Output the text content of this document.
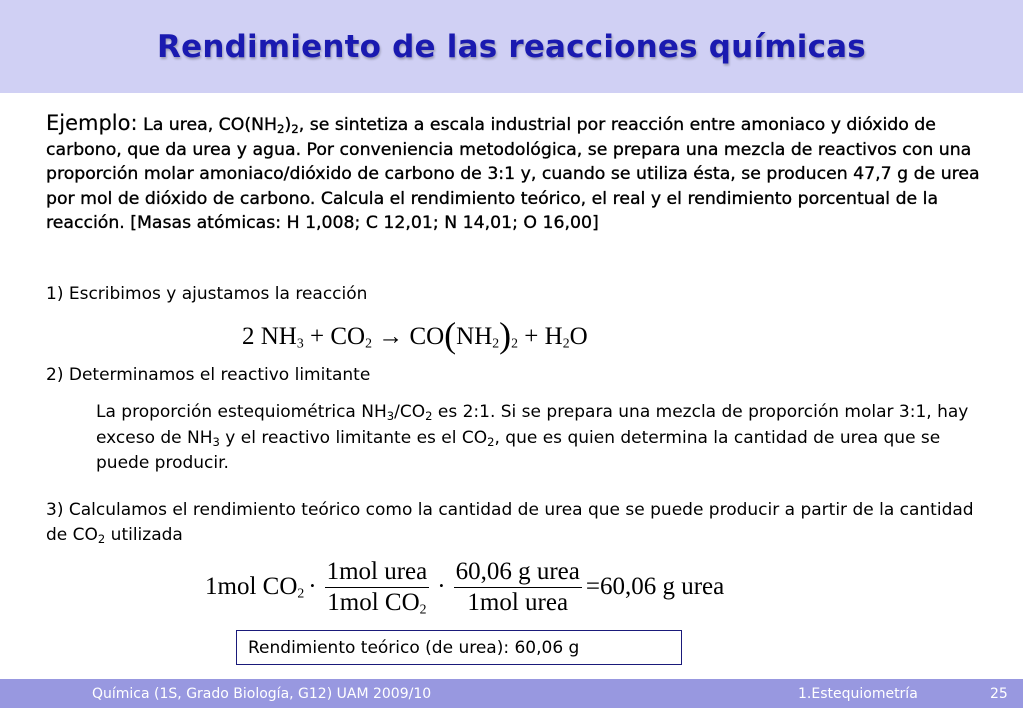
Rendimiento de las reacciones químicas
Ejemplo: La urea, $CO(NH_2)_2$, se sintetiza a escala industrial por reacción entre amoniaco y dióxido de carbono, que da urea y agua. Por conveniencia metodológica, se prepara una mezcla de reactivos con una proporción molar amoniaco/dióxido de carbono de 3:1 y, cuando se utiliza ésta, se producen 47,7 g de urea por mol de dióxido de carbono. Calcula el rendimiento teórico, el real y el rendimiento porcentual de la reacción. [Masas atómicas: H 1,008; C 12,01; N 14,01; O 16,00]
1) Escribimos y ajustamos la reacción
2 $NH_3 + CO_2 \to CO(NH_2)_2 + H_2O$
2) Determinamos el reactivo limitante
La proporción estequiométrica $NH_3/CO_2$ es 2:1. Si se prepara una mezcla de proporción molar 3:1, hay exceso de $NH_3$ y el reactivo limitante es el $CO_2$, que es quien determina la cantidad de urea que se puede producir.
3) Calculamos el rendimiento teórico como la cantidad de urea que se puede producir a partir de la cantidad de $CO_2$ utilizada
1mol $CO_2 \cdot \frac{\text{1mol urea}}{1mol CO_2} \cdot \frac{\text{60,06 g urea}}{\text{1mol urea}} =60,06$ g urea
Rendimiento teórico (de urea): 60,06 g
Química (1S, Grado Biología, G12) UAM 2009/10	1.Estequiometría	25
